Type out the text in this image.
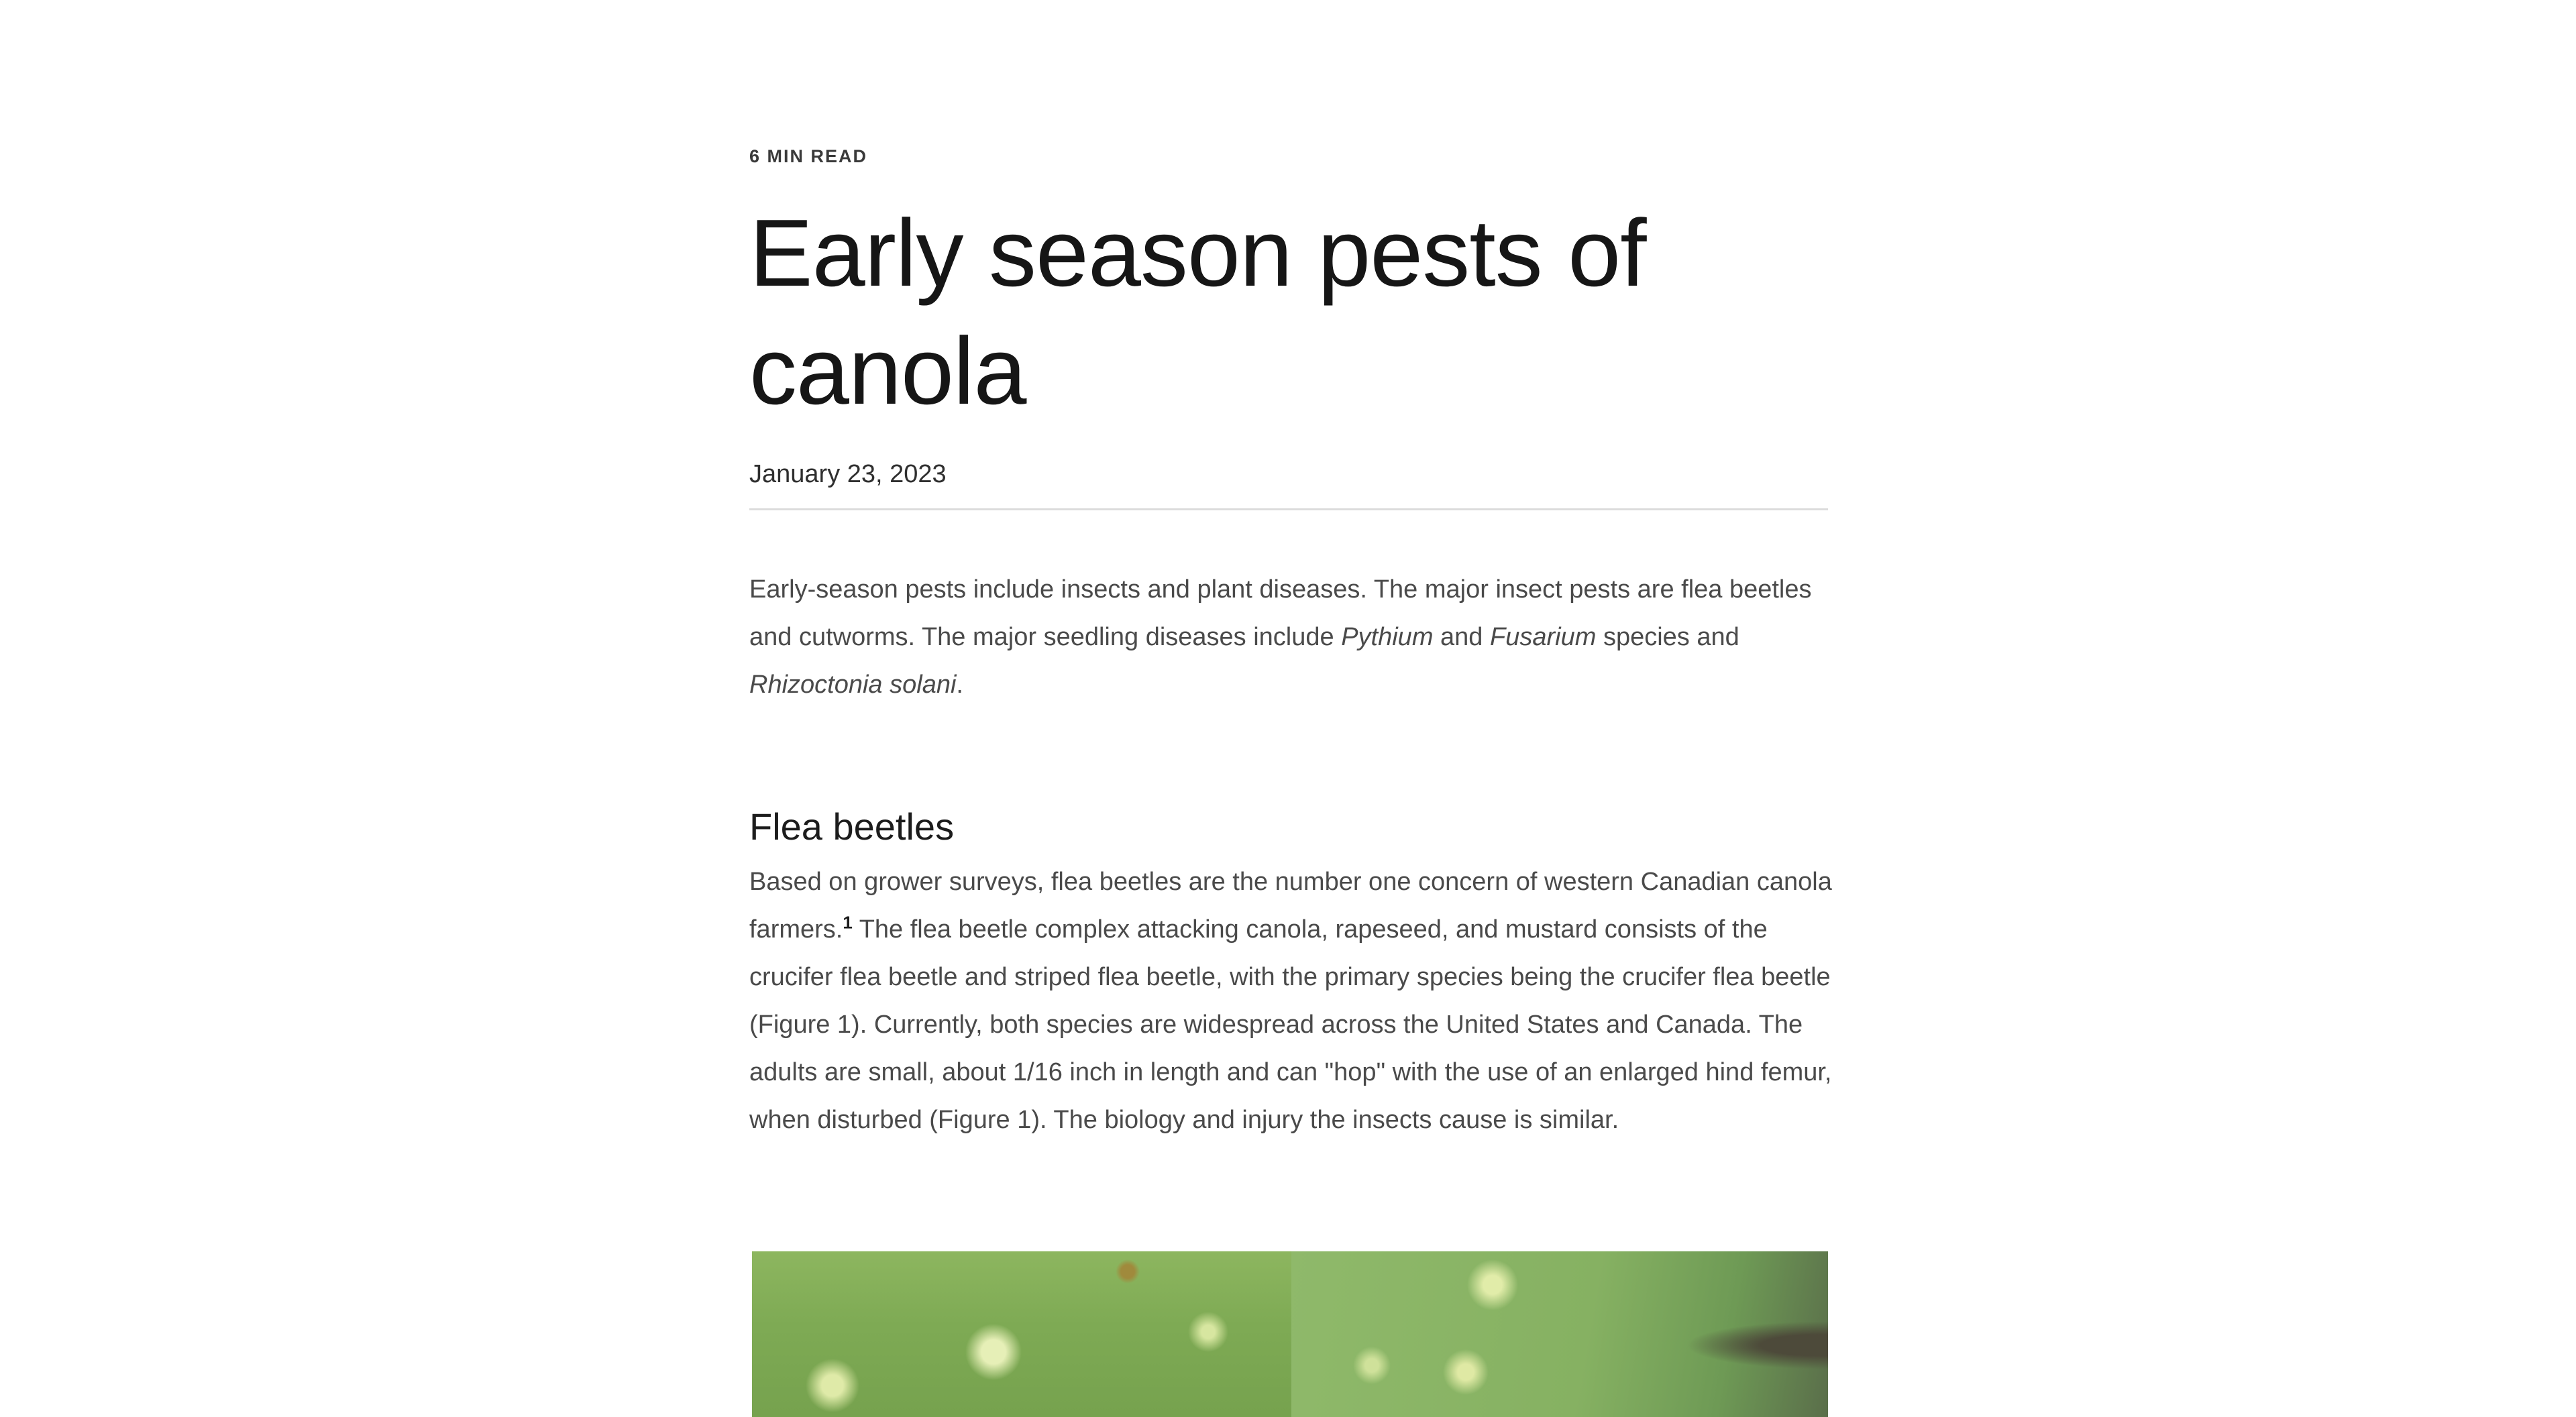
6 MIN READ
Early season pests of canola
January 23, 2023

Early-season pests include insects and plant diseases. The major insect pests are flea beetles and cutworms. The major seedling diseases include Pythium and Fusarium species and Rhizoctonia solani.

Flea beetles

Based on grower surveys, flea beetles are the number one concern of western Canadian canola farmers.$^1$ The flea beetle complex attacking canola, rapeseed, and mustard consists of the crucifer flea beetle and striped flea beetle, with the primary species being the crucifer flea beetle (Figure 1). Currently, both species are widespread across the United States and Canada. The adults are small, about 1/16 inch in length and can "hop" with the use of an enlarged hind femur, when disturbed (Figure 1). The biology and injury the insects cause is similar.
